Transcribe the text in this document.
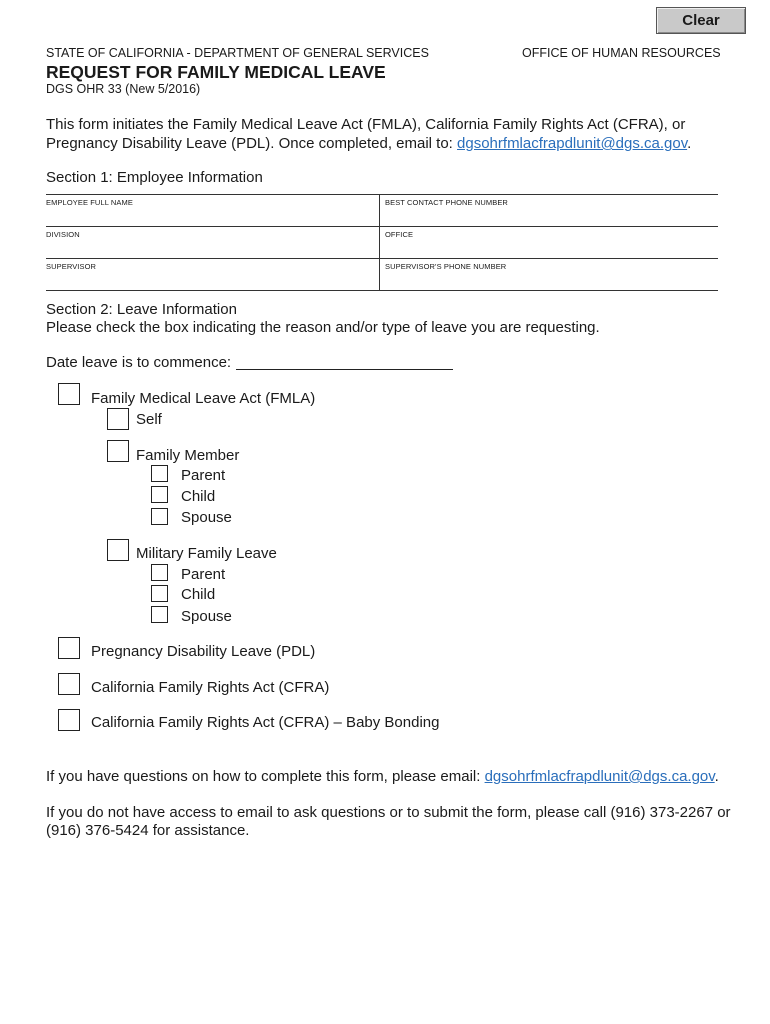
Clear
STATE OF CALIFORNIA - DEPARTMENT OF GENERAL SERVICES	OFFICE OF HUMAN RESOURCES
REQUEST FOR FAMILY MEDICAL LEAVE
DGS OHR 33 (New 5/2016)
This form initiates the Family Medical Leave Act (FMLA), California Family Rights Act (CFRA), or Pregnancy Disability Leave (PDL). Once completed, email to: dgsohrfmlacfrapdlunit@dgs.ca.gov.
Section 1: Employee Information
EMPLOYEE FULL NAME	BEST CONTACT PHONE NUMBER
DIVISION	OFFICE
SUPERVISOR	SUPERVISOR'S PHONE NUMBER
Section 2: Leave Information
Please check the box indicating the reason and/or type of leave you are requesting.
Date leave is to commence:
Family Medical Leave Act (FMLA)
Self
Family Member
Parent
Child
Spouse
Military Family Leave
Parent
Child
Spouse
Pregnancy Disability Leave (PDL)
California Family Rights Act (CFRA)
California Family Rights Act (CFRA) – Baby Bonding
If you have questions on how to complete this form, please email: dgsohrfmlacfrapdlunit@dgs.ca.gov.
If you do not have access to email to ask questions or to submit the form, please call (916) 373-2267 or (916) 376-5424 for assistance.
